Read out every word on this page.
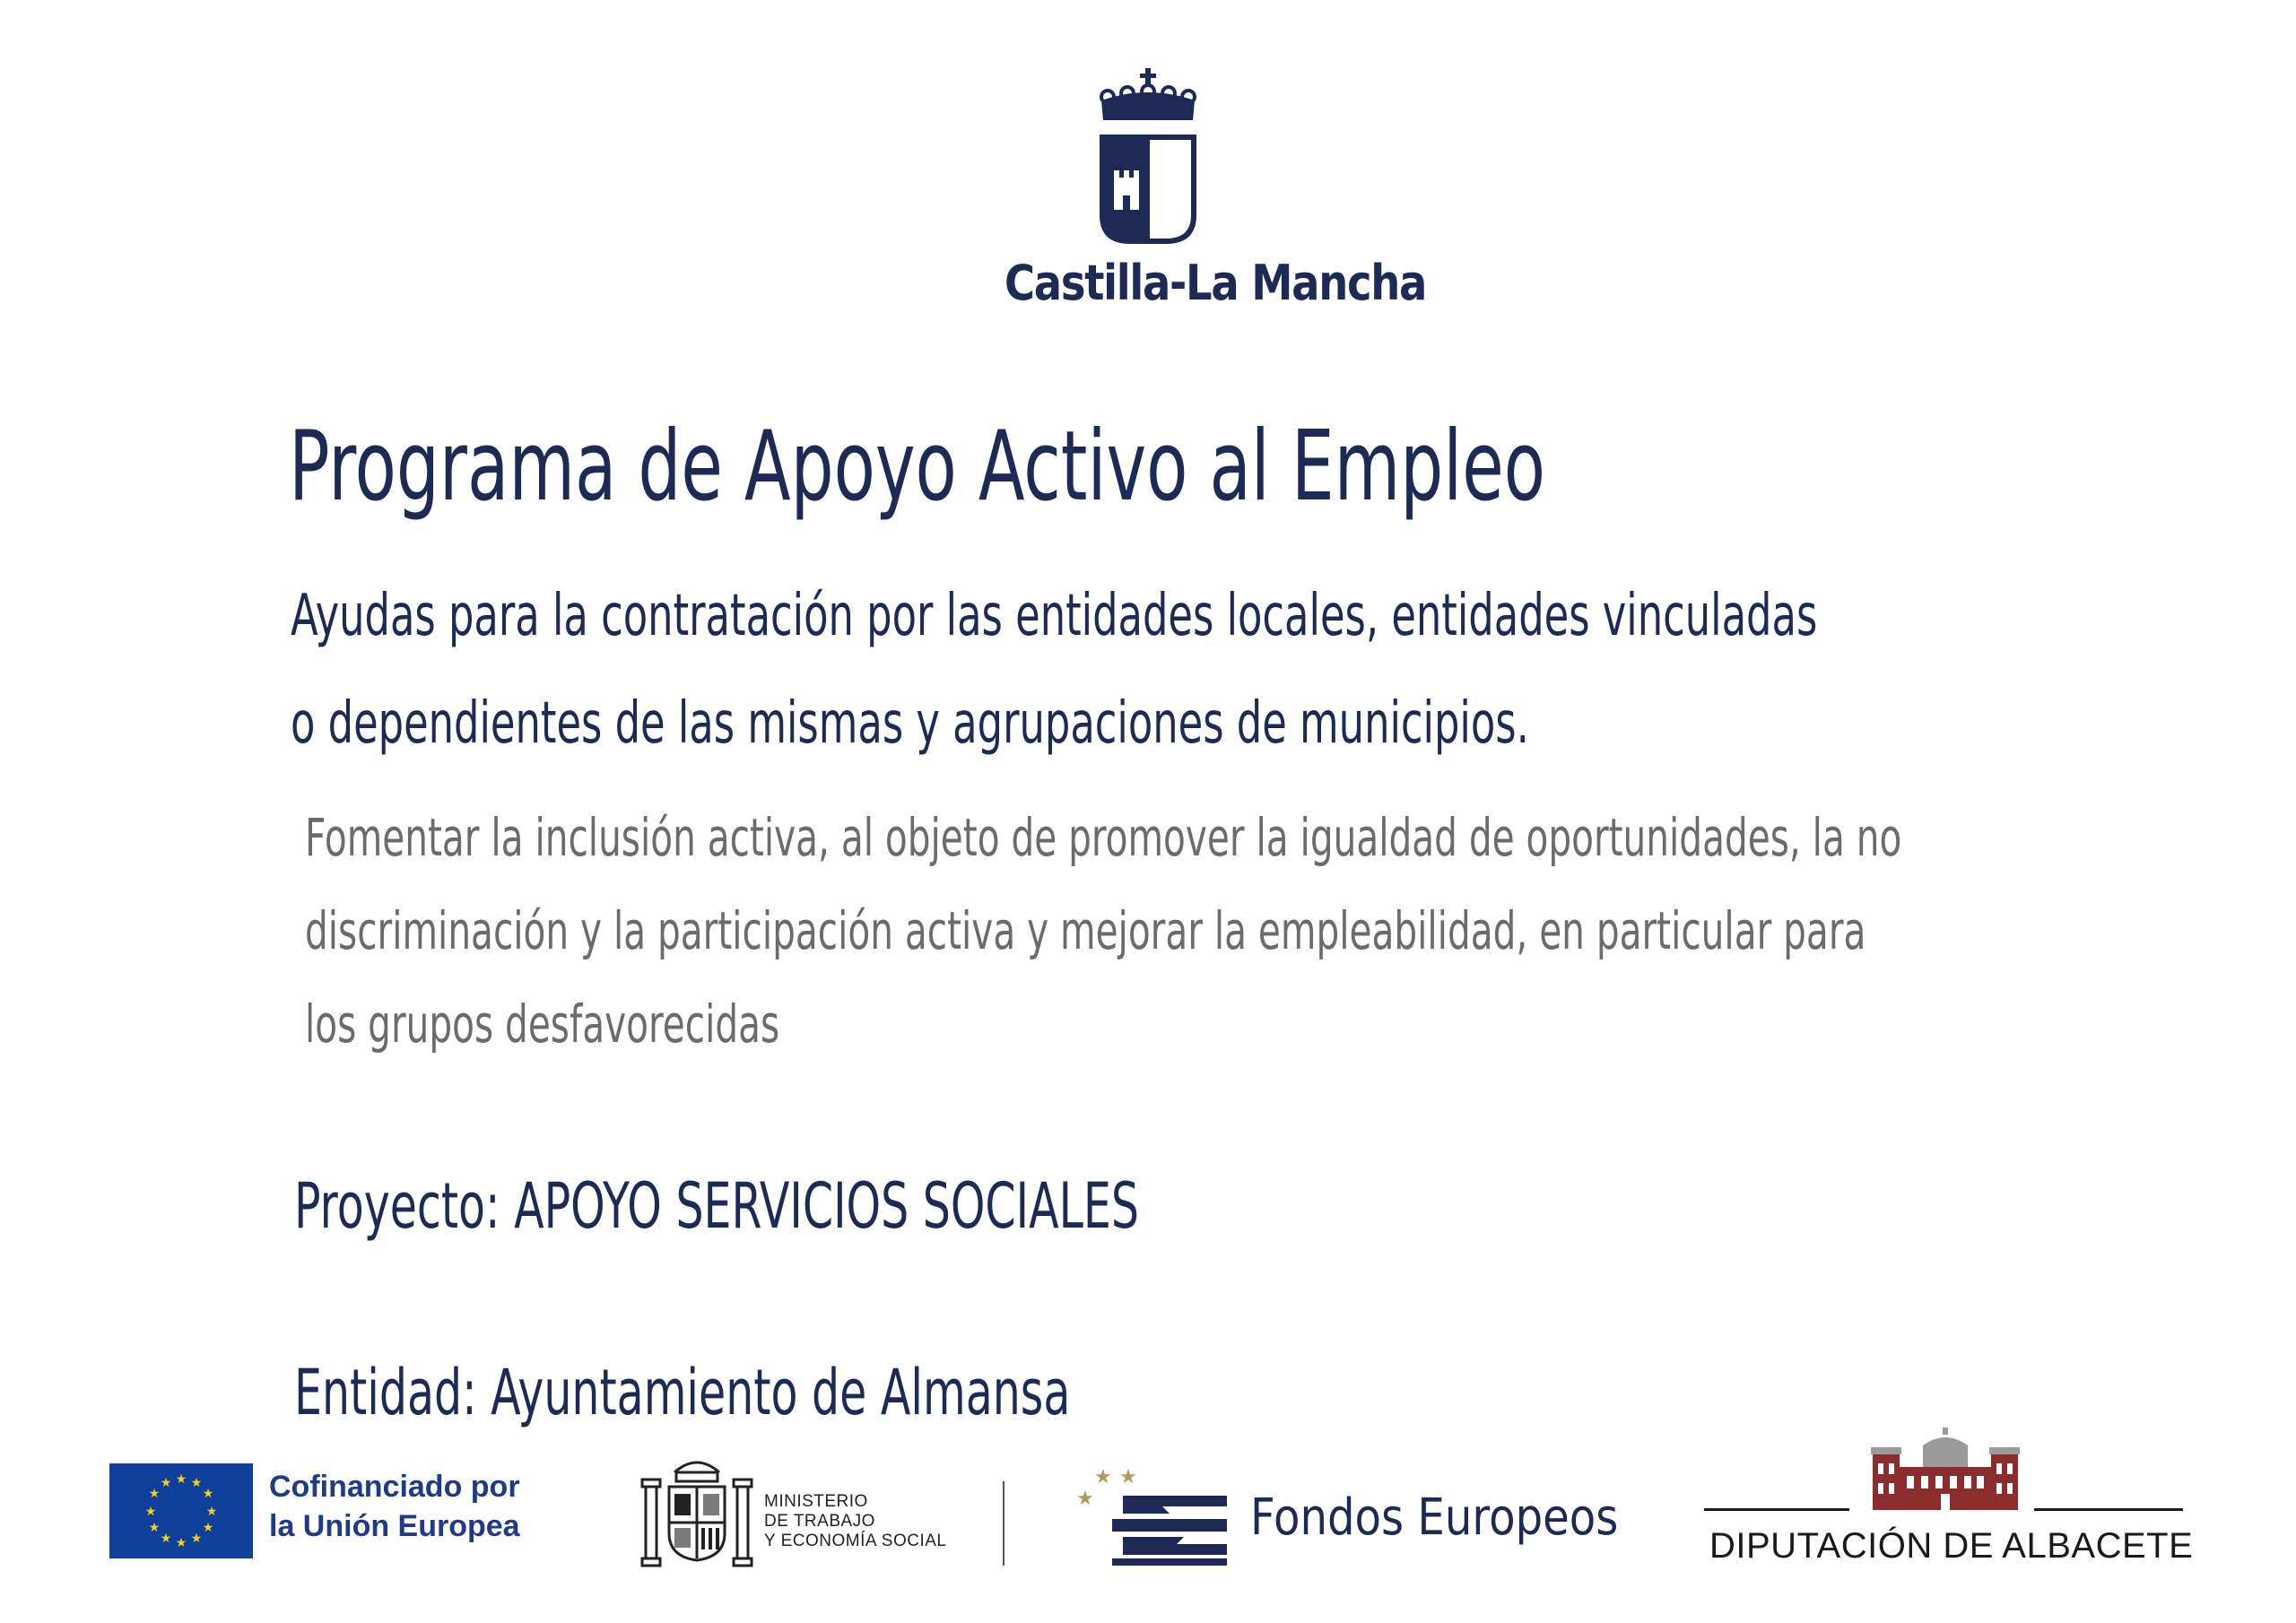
Castilla-La Mancha
Programa de Apoyo Activo al Empleo
Ayudas para la contratación por las entidades locales, entidades vinculadas
o dependientes de las mismas y agrupaciones de municipios.
Fomentar la inclusión activa, al objeto de promover la igualdad de oportunidades, la no
discriminación y la participación activa y mejorar la empleabilidad, en particular para
los grupos desfavorecidas
Proyecto: APOYO SERVICIOS SOCIALES
Entidad: Ayuntamiento de Almansa
★ ★
★
★
★
★
★
★
★
★
★
★	Cofinanciado por
la Unión Europea
MINISTERIO
DE TRABAJO
Y ECONOMÍA SOCIAL
★ ★
★	Fondos Europeos	DIPUTACIÓN DE ALBACETE
